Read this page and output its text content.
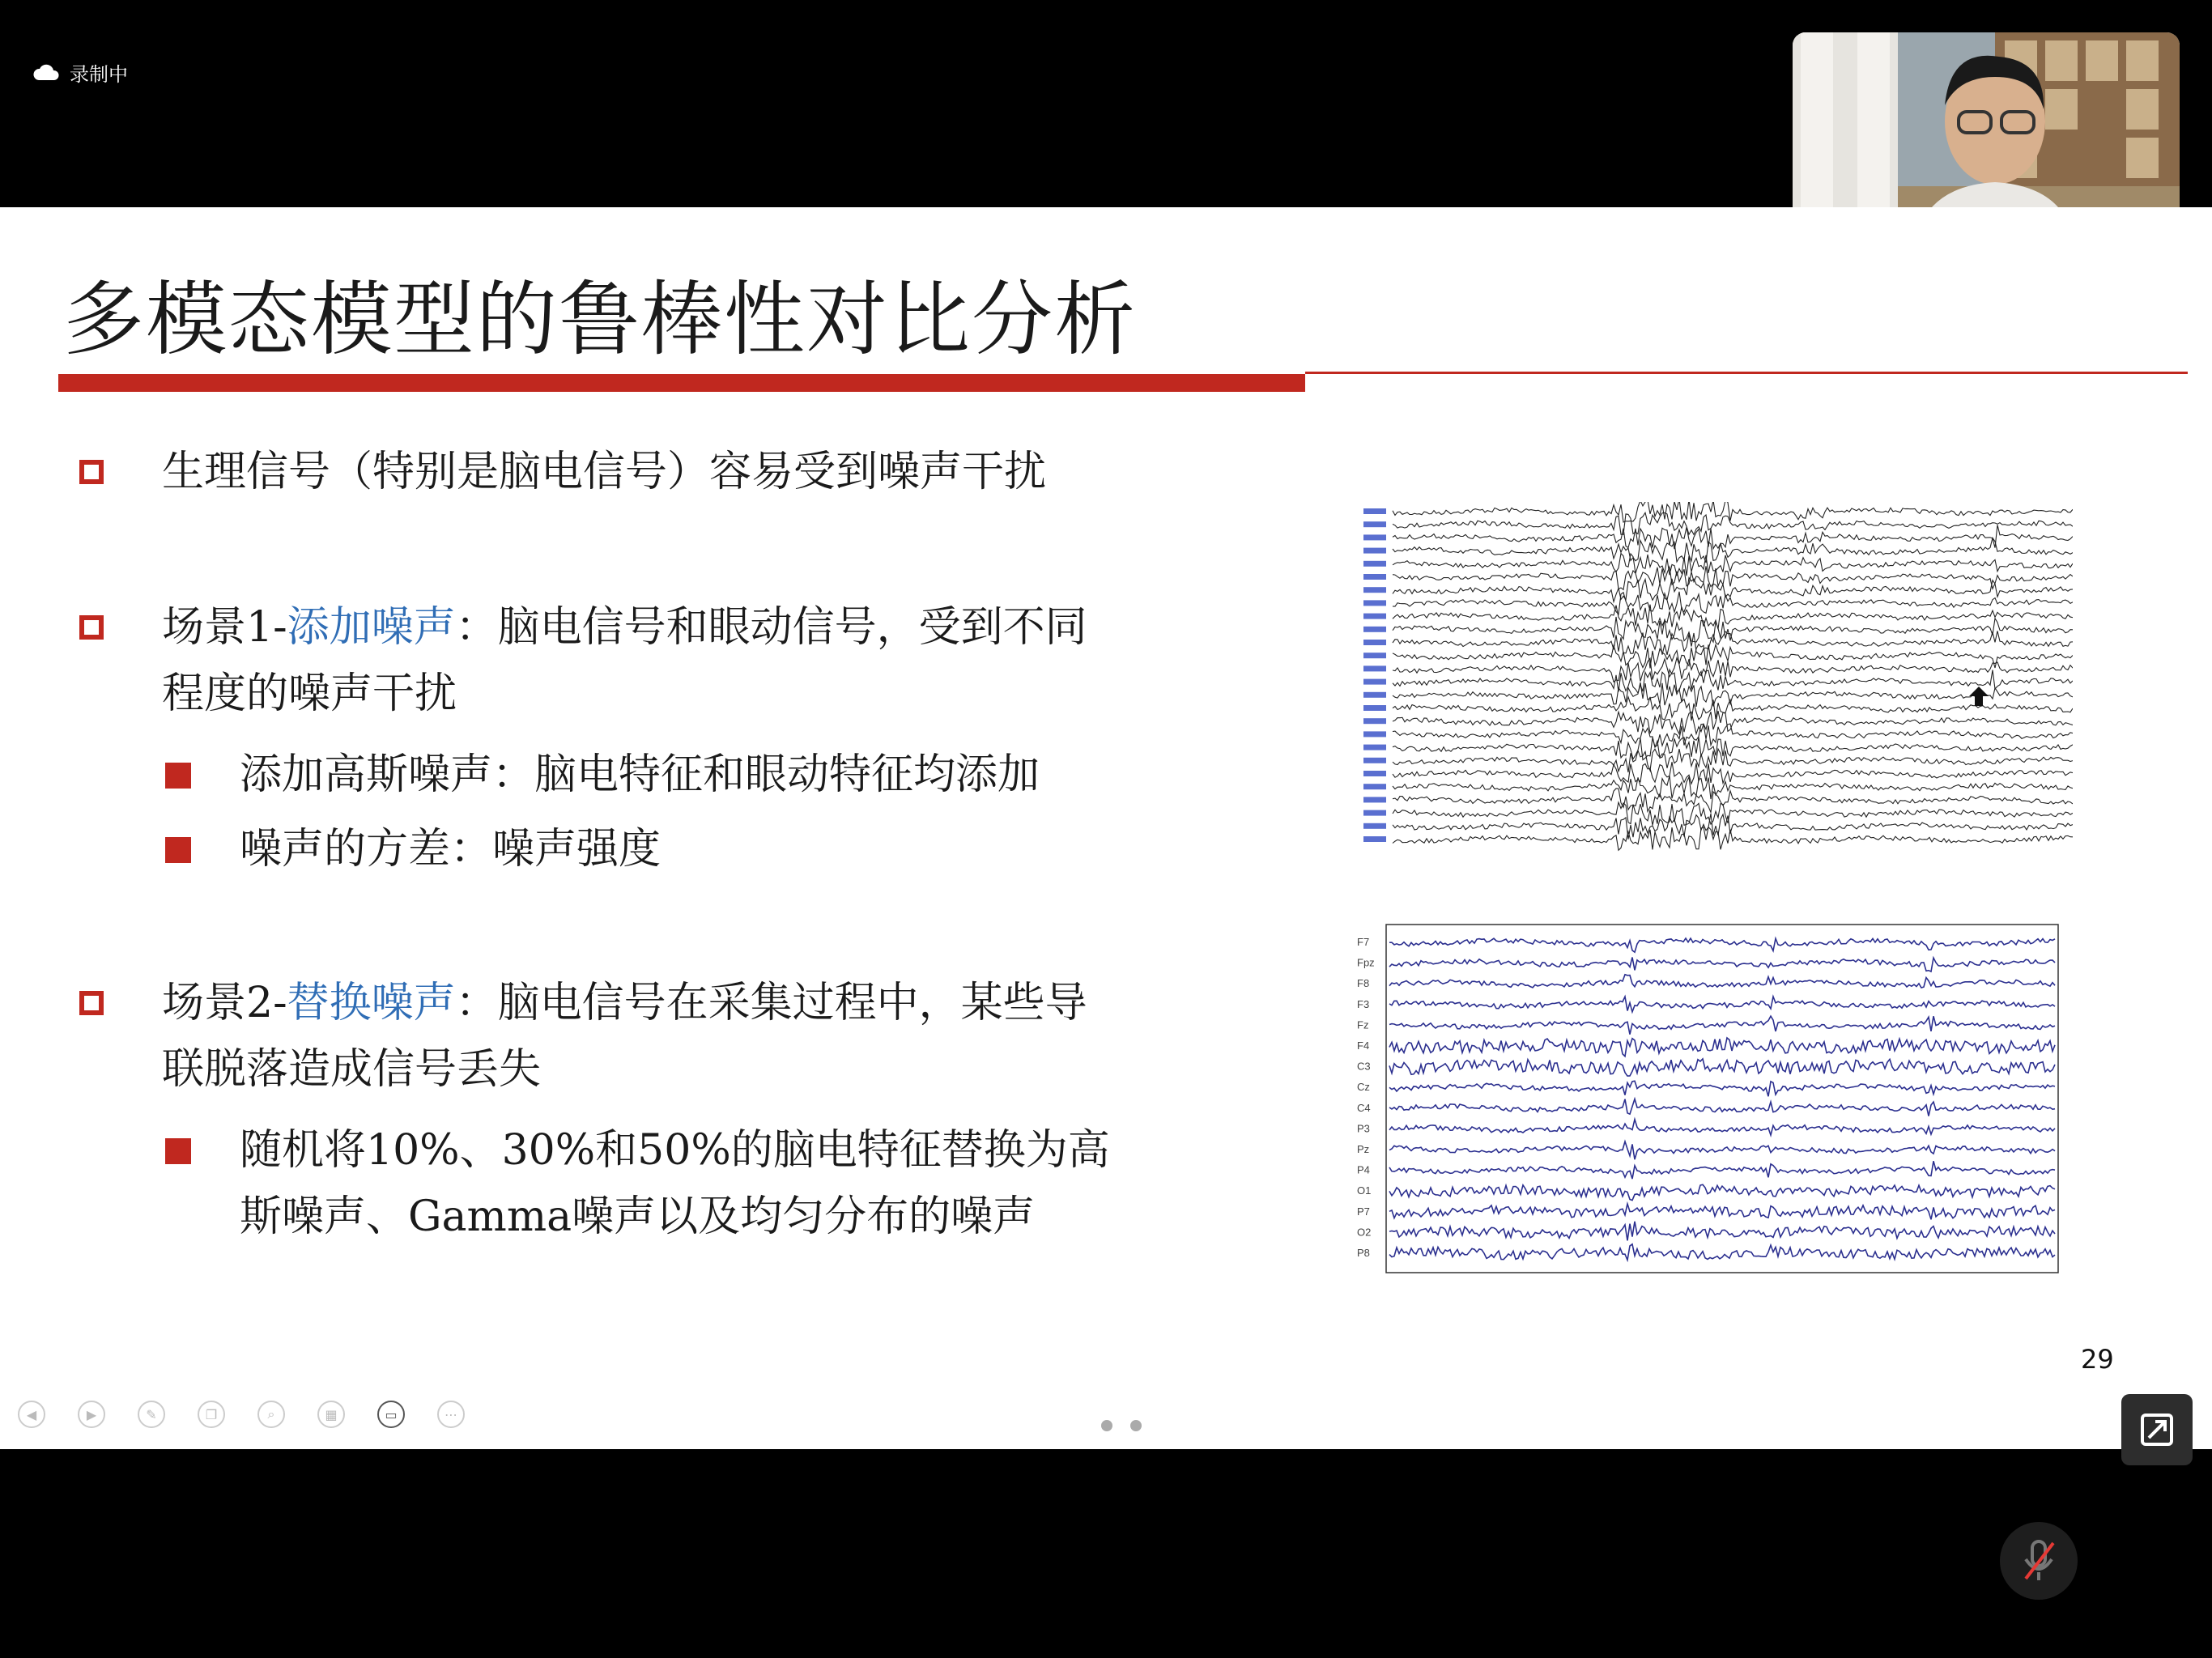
录制中
多模态模型的鲁棒性对比分析
生理信号（特别是脑电信号）容易受到噪声干扰
场景1-添加噪声：脑电信号和眼动信号，受到不同
程度的噪声干扰
添加高斯噪声：脑电特征和眼动特征均添加
噪声的方差：噪声强度
场景2-替换噪声：脑电信号在采集过程中，某些导
联脱落造成信号丢失
随机将10%、30%和50%的脑电特征替换为高
斯噪声、Gamma噪声以及均匀分布的噪声
F7
Fpz
F8
F3
Fz
F4
C3
Cz
C4
P3
Pz
P4
O1
P7
O2
P8
29
◀	▶	✎	❐	⌕	▦	▭	⋯
